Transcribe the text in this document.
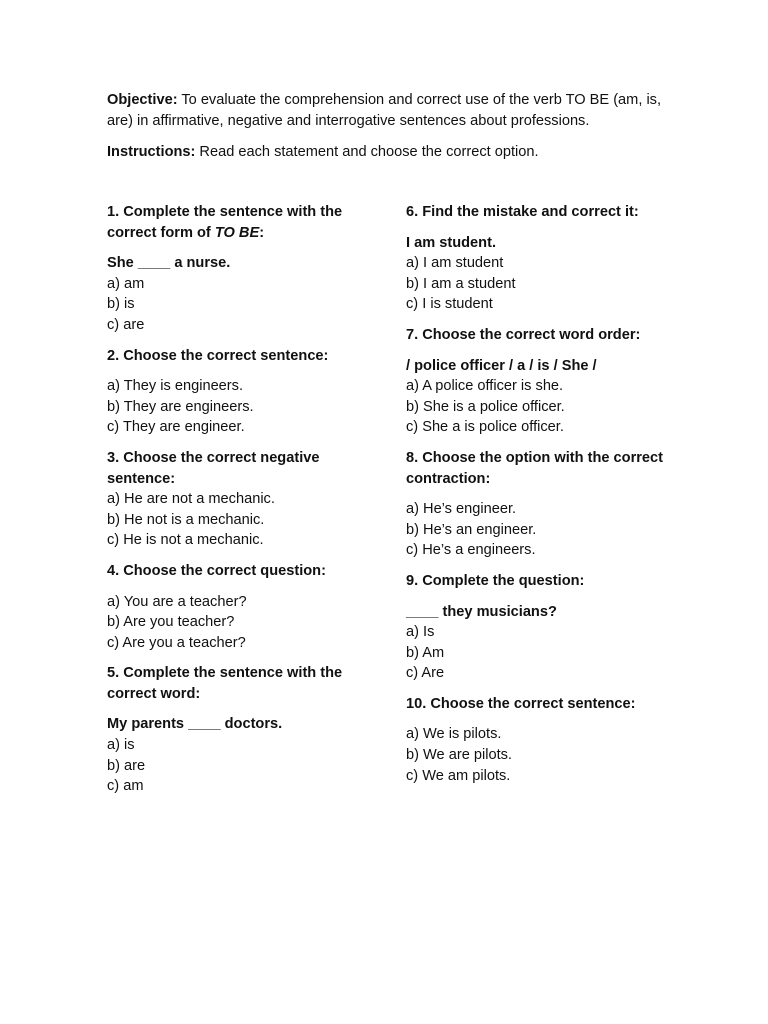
Objective: To evaluate the comprehension and correct use of the verb TO BE (am, is, are) in affirmative, negative and interrogative sentences about professions.

Instructions: Read each statement and choose the correct option.

1. Complete the sentence with the correct form of TO BE:

She ____ a nurse.

a) am

b) is

c) are

2. Choose the correct sentence:

a) They is engineers.

b) They are engineers.

c) They are engineer.

3. Choose the correct negative sentence:

a) He are not a mechanic.

b) He not is a mechanic.

c) He is not a mechanic.

4. Choose the correct question:

a) You are a teacher?

b) Are you teacher?

c) Are you a teacher?

5. Complete the sentence with the correct word:

My parents ____ doctors.

a) is

b) are

c) am

6. Find the mistake and correct it:

I am student.

a) I am student

b) I am a student

c) I is student

7. Choose the correct word order:

/ police officer / a / is / She /

a) A police officer is she.

b) She is a police officer.

c) She a is police officer.

8. Choose the option with the correct contraction:

a) He’s engineer.

b) He’s an engineer.

c) He’s a engineers.

9. Complete the question:

____ they musicians?

a) Is

b) Am

c) Are

10. Choose the correct sentence:

a) We is pilots.

b) We are pilots.

c) We am pilots.
